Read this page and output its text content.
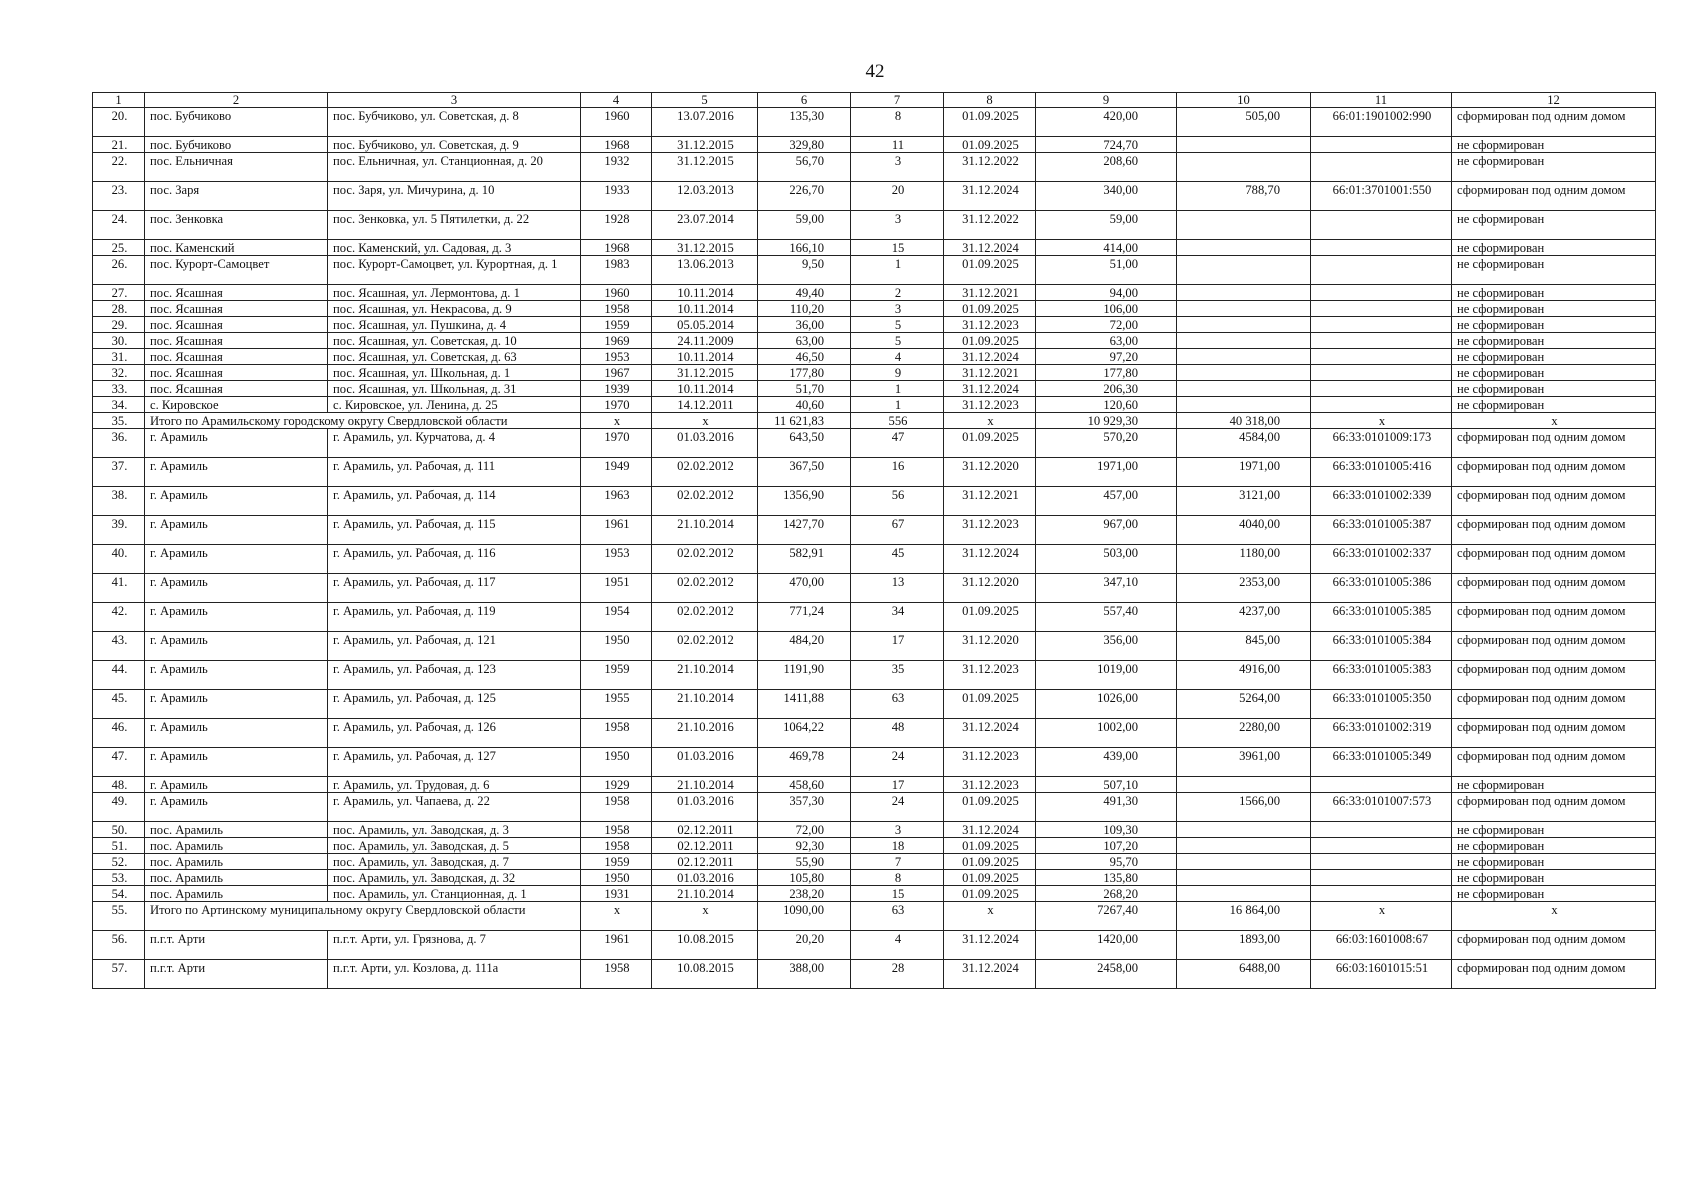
42
1	2	3	4	5	6	7	8	9	10	11	12
20.	пос. Бубчиково	пос. Бубчиково, ул. Советская, д. 8	1960	13.07.2016	135,30	8	01.09.2025	420,00	505,00	66:01:1901002:990	сформирован под одним домом
21.	пос. Бубчиково	пос. Бубчиково, ул. Советская, д. 9	1968	31.12.2015	329,80	11	01.09.2025	724,70			не сформирован
22.	пос. Ельничная	пос. Ельничная, ул. Станционная, д. 20	1932	31.12.2015	56,70	3	31.12.2022	208,60			не сформирован
23.	пос. Заря	пос. Заря, ул. Мичурина, д. 10	1933	12.03.2013	226,70	20	31.12.2024	340,00	788,70	66:01:3701001:550	сформирован под одним домом
24.	пос. Зенковка	пос. Зенковка, ул. 5 Пятилетки, д. 22	1928	23.07.2014	59,00	3	31.12.2022	59,00			не сформирован
25.	пос. Каменский	пос. Каменский, ул. Садовая, д. 3	1968	31.12.2015	166,10	15	31.12.2024	414,00			не сформирован
26.	пос. Курорт-Самоцвет	пос. Курорт-Самоцвет, ул. Курортная, д. 1	1983	13.06.2013	9,50	1	01.09.2025	51,00			не сформирован
27.	пос. Ясашная	пос. Ясашная, ул. Лермонтова, д. 1	1960	10.11.2014	49,40	2	31.12.2021	94,00			не сформирован
28.	пос. Ясашная	пос. Ясашная, ул. Некрасова, д. 9	1958	10.11.2014	110,20	3	01.09.2025	106,00			не сформирован
29.	пос. Ясашная	пос. Ясашная, ул. Пушкина, д. 4	1959	05.05.2014	36,00	5	31.12.2023	72,00			не сформирован
30.	пос. Ясашная	пос. Ясашная, ул. Советская, д. 10	1969	24.11.2009	63,00	5	01.09.2025	63,00			не сформирован
31.	пос. Ясашная	пос. Ясашная, ул. Советская, д. 63	1953	10.11.2014	46,50	4	31.12.2024	97,20			не сформирован
32.	пос. Ясашная	пос. Ясашная, ул. Школьная, д. 1	1967	31.12.2015	177,80	9	31.12.2021	177,80			не сформирован
33.	пос. Ясашная	пос. Ясашная, ул. Школьная, д. 31	1939	10.11.2014	51,70	1	31.12.2024	206,30			не сформирован
34.	с. Кировское	с. Кировское, ул. Ленина, д. 25	1970	14.12.2011	40,60	1	31.12.2023	120,60			не сформирован
35.	Итого по Арамильскому городскому округу Свердловской области		x	x	11 621,83	556	x	10 929,30	40 318,00	x	x
36.	г. Арамиль	г. Арамиль, ул. Курчатова, д. 4	1970	01.03.2016	643,50	47	01.09.2025	570,20	4584,00	66:33:0101009:173	сформирован под одним домом
37.	г. Арамиль	г. Арамиль, ул. Рабочая, д. 111	1949	02.02.2012	367,50	16	31.12.2020	1971,00	1971,00	66:33:0101005:416	сформирован под одним домом
38.	г. Арамиль	г. Арамиль, ул. Рабочая, д. 114	1963	02.02.2012	1356,90	56	31.12.2021	457,00	3121,00	66:33:0101002:339	сформирован под одним домом
39.	г. Арамиль	г. Арамиль, ул. Рабочая, д. 115	1961	21.10.2014	1427,70	67	31.12.2023	967,00	4040,00	66:33:0101005:387	сформирован под одним домом
40.	г. Арамиль	г. Арамиль, ул. Рабочая, д. 116	1953	02.02.2012	582,91	45	31.12.2024	503,00	1180,00	66:33:0101002:337	сформирован под одним домом
41.	г. Арамиль	г. Арамиль, ул. Рабочая, д. 117	1951	02.02.2012	470,00	13	31.12.2020	347,10	2353,00	66:33:0101005:386	сформирован под одним домом
42.	г. Арамиль	г. Арамиль, ул. Рабочая, д. 119	1954	02.02.2012	771,24	34	01.09.2025	557,40	4237,00	66:33:0101005:385	сформирован под одним домом
43.	г. Арамиль	г. Арамиль, ул. Рабочая, д. 121	1950	02.02.2012	484,20	17	31.12.2020	356,00	845,00	66:33:0101005:384	сформирован под одним домом
44.	г. Арамиль	г. Арамиль, ул. Рабочая, д. 123	1959	21.10.2014	1191,90	35	31.12.2023	1019,00	4916,00	66:33:0101005:383	сформирован под одним домом
45.	г. Арамиль	г. Арамиль, ул. Рабочая, д. 125	1955	21.10.2014	1411,88	63	01.09.2025	1026,00	5264,00	66:33:0101005:350	сформирован под одним домом
46.	г. Арамиль	г. Арамиль, ул. Рабочая, д. 126	1958	21.10.2016	1064,22	48	31.12.2024	1002,00	2280,00	66:33:0101002:319	сформирован под одним домом
47.	г. Арамиль	г. Арамиль, ул. Рабочая, д. 127	1950	01.03.2016	469,78	24	31.12.2023	439,00	3961,00	66:33:0101005:349	сформирован под одним домом
48.	г. Арамиль	г. Арамиль, ул. Трудовая, д. 6	1929	21.10.2014	458,60	17	31.12.2023	507,10			не сформирован
49.	г. Арамиль	г. Арамиль, ул. Чапаева, д. 22	1958	01.03.2016	357,30	24	01.09.2025	491,30	1566,00	66:33:0101007:573	сформирован под одним домом
50.	пос. Арамиль	пос. Арамиль, ул. Заводская, д. 3	1958	02.12.2011	72,00	3	31.12.2024	109,30			не сформирован
51.	пос. Арамиль	пос. Арамиль, ул. Заводская, д. 5	1958	02.12.2011	92,30	18	01.09.2025	107,20			не сформирован
52.	пос. Арамиль	пос. Арамиль, ул. Заводская, д. 7	1959	02.12.2011	55,90	7	01.09.2025	95,70			не сформирован
53.	пос. Арамиль	пос. Арамиль, ул. Заводская, д. 32	1950	01.03.2016	105,80	8	01.09.2025	135,80			не сформирован
54.	пос. Арамиль	пос. Арамиль, ул. Станционная, д. 1	1931	21.10.2014	238,20	15	01.09.2025	268,20			не сформирован
55.	Итого по Артинскому муниципальному округу Свердловской области		x	x	1090,00	63	x	7267,40	16 864,00	x	x
56.	п.г.т. Арти	п.г.т. Арти, ул. Грязнова, д. 7	1961	10.08.2015	20,20	4	31.12.2024	1420,00	1893,00	66:03:1601008:67	сформирован под одним домом
57.	п.г.т. Арти	п.г.т. Арти, ул. Козлова, д. 111а	1958	10.08.2015	388,00	28	31.12.2024	2458,00	6488,00	66:03:1601015:51	сформирован под одним домом
